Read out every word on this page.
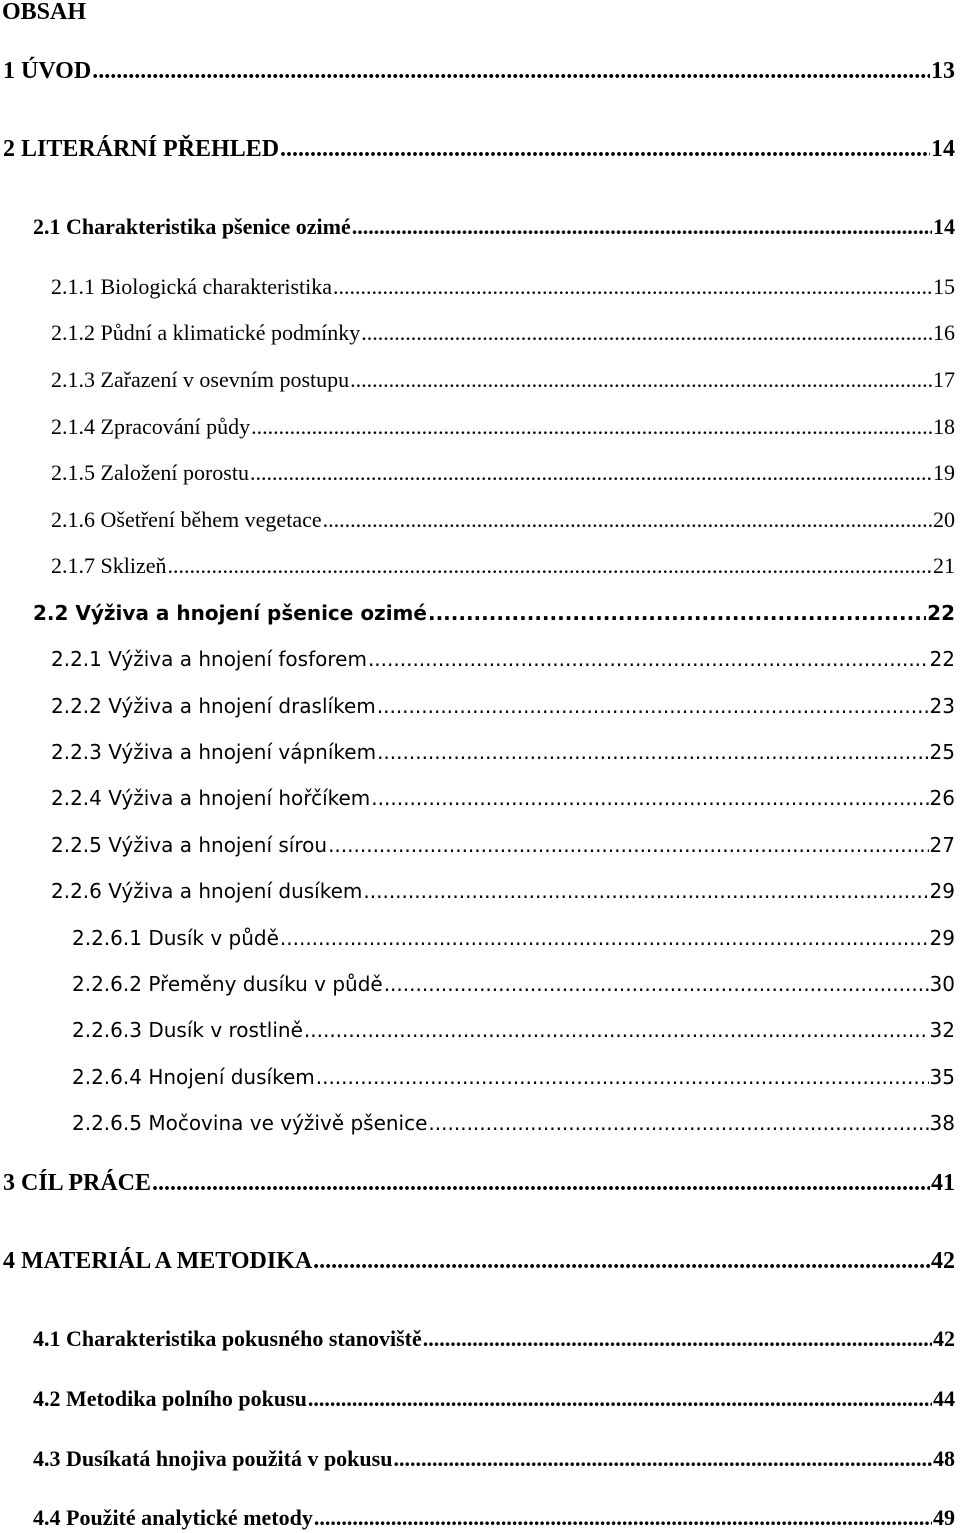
OBSAH
1 ÚVOD .....	13
2 LITERÁRNÍ PŘEHLED .....	14
2.1 Charakteristika pšenice ozimé .....	14
2.1.1 Biologická charakteristika .....	15
2.1.2 Půdní a klimatické podmínky .....	16
2.1.3 Zařazení v osevním postupu .....	17
2.1.4 Zpracování půdy .....	18
2.1.5 Založení porostu .....	19
2.1.6 Ošetření během vegetace .....	20
2.1.7 Sklizeň .....	21
2.2 Výživa a hnojení pšenice ozimé .....	22
2.2.1 Výživa a hnojení fosforem .....	22
2.2.2 Výživa a hnojení draslíkem .....	23
2.2.3 Výživa a hnojení vápníkem .....	25
2.2.4 Výživa a hnojení hořčíkem .....	26
2.2.5 Výživa a hnojení sírou .....	27
2.2.6 Výživa a hnojení dusíkem .....	29
2.2.6.1 Dusík v půdě .....	29
2.2.6.2 Přeměny dusíku v půdě .....	30
2.2.6.3 Dusík v rostlině .....	32
2.2.6.4 Hnojení dusíkem .....	35
2.2.6.5 Močovina ve výživě pšenice .....	38
3 CÍL PRÁCE .....	41
4 MATERIÁL A METODIKA .....	42
4.1 Charakteristika pokusného stanoviště .....	42
4.2 Metodika polního pokusu .....	44
4.3 Dusíkatá hnojiva použitá v pokusu .....	48
4.4 Použité analytické metody .....	49
